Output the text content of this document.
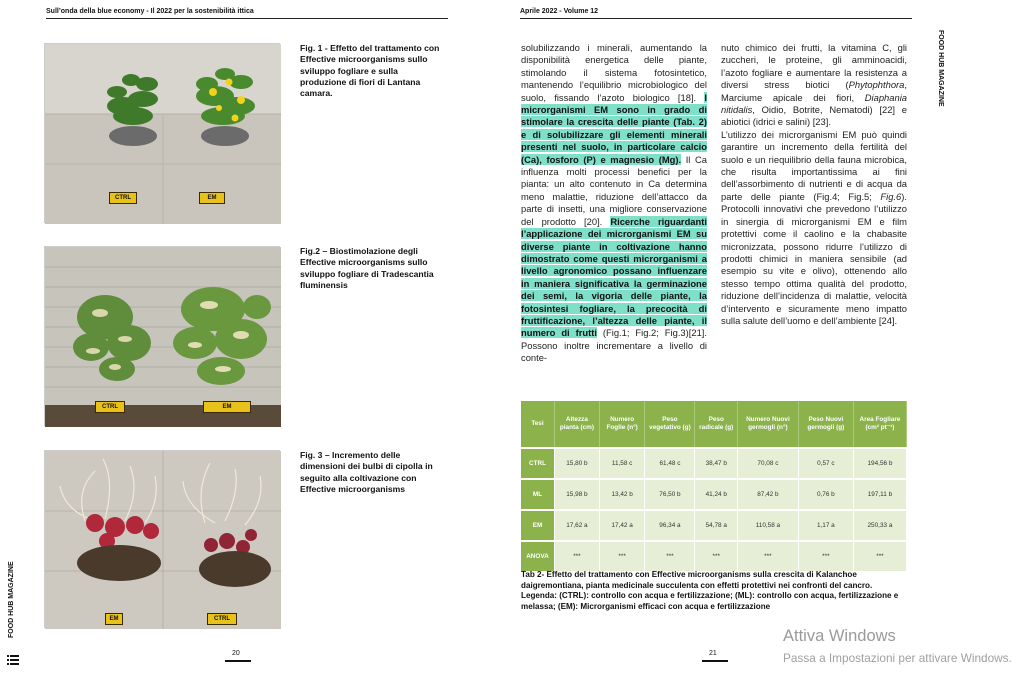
Sull’onda della blue economy - Il 2022 per la sostenibilità ittica
FOOD HUB MAGAZINE
CTRL	EM
Fig. 1 - Effetto del trattamento con Effective microorganisms sullo sviluppo fogliare e sulla produzione di fiori di Lantana camara.
CTRL	EM
Fig.2 – Biostimolazione degli Effective microorganisms sullo sviluppo fogliare di Tradescantia fluminensis
EM	CTRL
Fig. 3 – Incremento delle dimensioni dei bulbi di cipolla in seguito alla coltivazione con Effective microorganisms
20
Aprile 2022 - Volume 12
FOOD HUB MAGAZINE

solubilizzando i minerali, aumentando la disponibilità energetica delle piante, stimolando il sistema fotosintetico, mantenendo l’equilibrio microbiologico del suolo, fissando l’azoto biologico [18]. I microrganismi EM sono in grado di stimolare la crescita delle piante (Tab. 2) e di solubilizzare gli elementi minerali presenti nel suolo, in particolare calcio (Ca), fosforo (P) e magnesio (Mg). Il Ca influenza molti processi benefici per la pianta: un alto contenuto in Ca determina meno malattie, riduzione dell’attacco da parte di insetti, una migliore conservazione del prodotto [20]. Ricerche riguardanti l’applicazione dei microrganismi EM su diverse piante in coltivazione hanno dimostrato come questi microrganismi a livello agronomico possano influenzare in maniera significativa la germinazione dei semi, la vigoria delle piante, la fotosintesi fogliare, la precocità di fruttificazione, l’altezza delle piante, il numero di frutti (Fig.1; Fig.2; Fig.3)[21]. Possono inoltre incrementare a livello di conte-

nuto chimico dei frutti, la vitamina C, gli zuccheri, le proteine, gli amminoacidi, l’azoto fogliare e aumentare la resistenza a diversi stress biotici (Phytophthora, Marciume apicale dei fiori, Diaphania nitidalis, Oidio, Botrite, Nematodi) [22] e abiotici (idrici e salini) [23].

L’utilizzo dei microrganismi EM può quindi garantire un incremento della fertilità del suolo e un riequilibrio della fauna microbica, che risulta importantissima ai fini dell’assorbimento di nutrienti e di acqua da parte delle piante (Fig.4; Fig.5; Fig.6). Protocolli innovativi che prevedono l’utilizzo in sinergia di microrganismi EM e film protettivi come il caolino e la chabasite micronizzata, possono ridurre l’utilizzo di prodotti chimici in maniera sensibile (ad esempio su vite e olivo), ottenendo allo stesso tempo ottima qualità del prodotto, riduzione dell’incidenza di malattie, velocità d’intervento e sicuramente meno impatto sulla salute dell’uomo e dell’ambiente [24].

Tesi	Altezza pianta (cm)	Numero Foglie (n°)	Peso vegetativo (g)	Peso radicale (g)	Numero Nuovi germogli (n°)	Peso Nuovi germogli (g)	Area Fogliare (cm² pt⁻¹)
CTRL	15,80 b	11,58 c	61,48 c	38,47 b	70,08 c	0,57 c	194,56 b
ML	15,98 b	13,42 b	76,50 b	41,24 b	87,42 b	0,76 b	197,11 b
EM	17,62 a	17,42 a	96,34 a	54,78 a	110,58 a	1,17 a	250,33 a
ANOVA	***	***	***	***	***	***	***
Tab 2- Effetto del trattamento con Effective microorganisms sulla crescita di Kalanchoe daigremontiana, pianta medicinale succulenta con effetti protettivi nei confronti del cancro. Legenda: (CTRL): controllo con acqua e fertilizzazione; (ML): controllo con acqua, fertilizzazione e melassa; (EM): Microrganismi efficaci con acqua e fertilizzazione
21
Attiva Windows
Passa a Impostazioni per attivare Windows.
